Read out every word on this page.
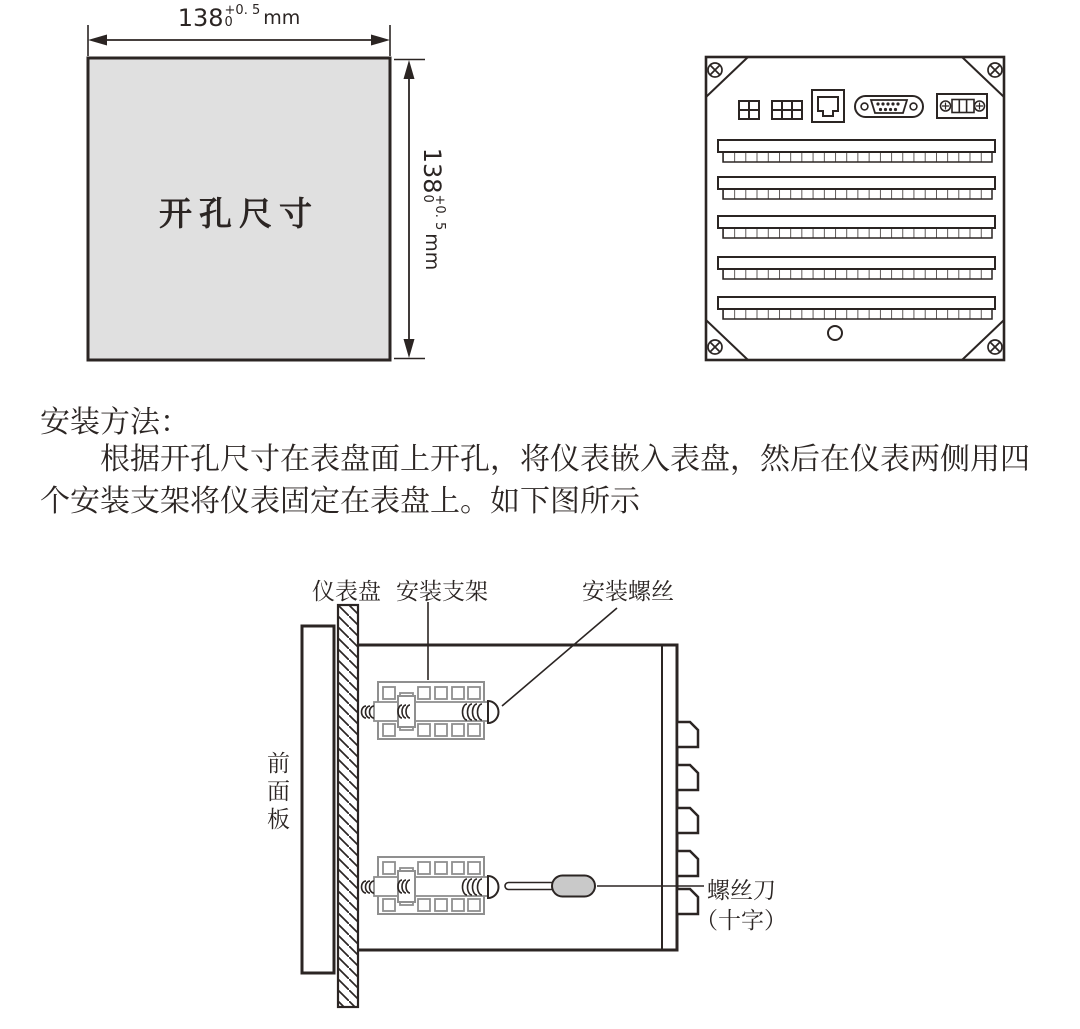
138 +0. 5
0	mm
138
+0. 5
0
mm
开孔尺寸
安装方法：
根据开孔尺寸在表盘面上开孔，将仪表嵌入表盘，然后在仪表两侧用四
个安装支架将仪表固定在表盘上。如下图所示
仪表盘 安装支架	安装螺丝
前面板
螺丝刀
（十字）
